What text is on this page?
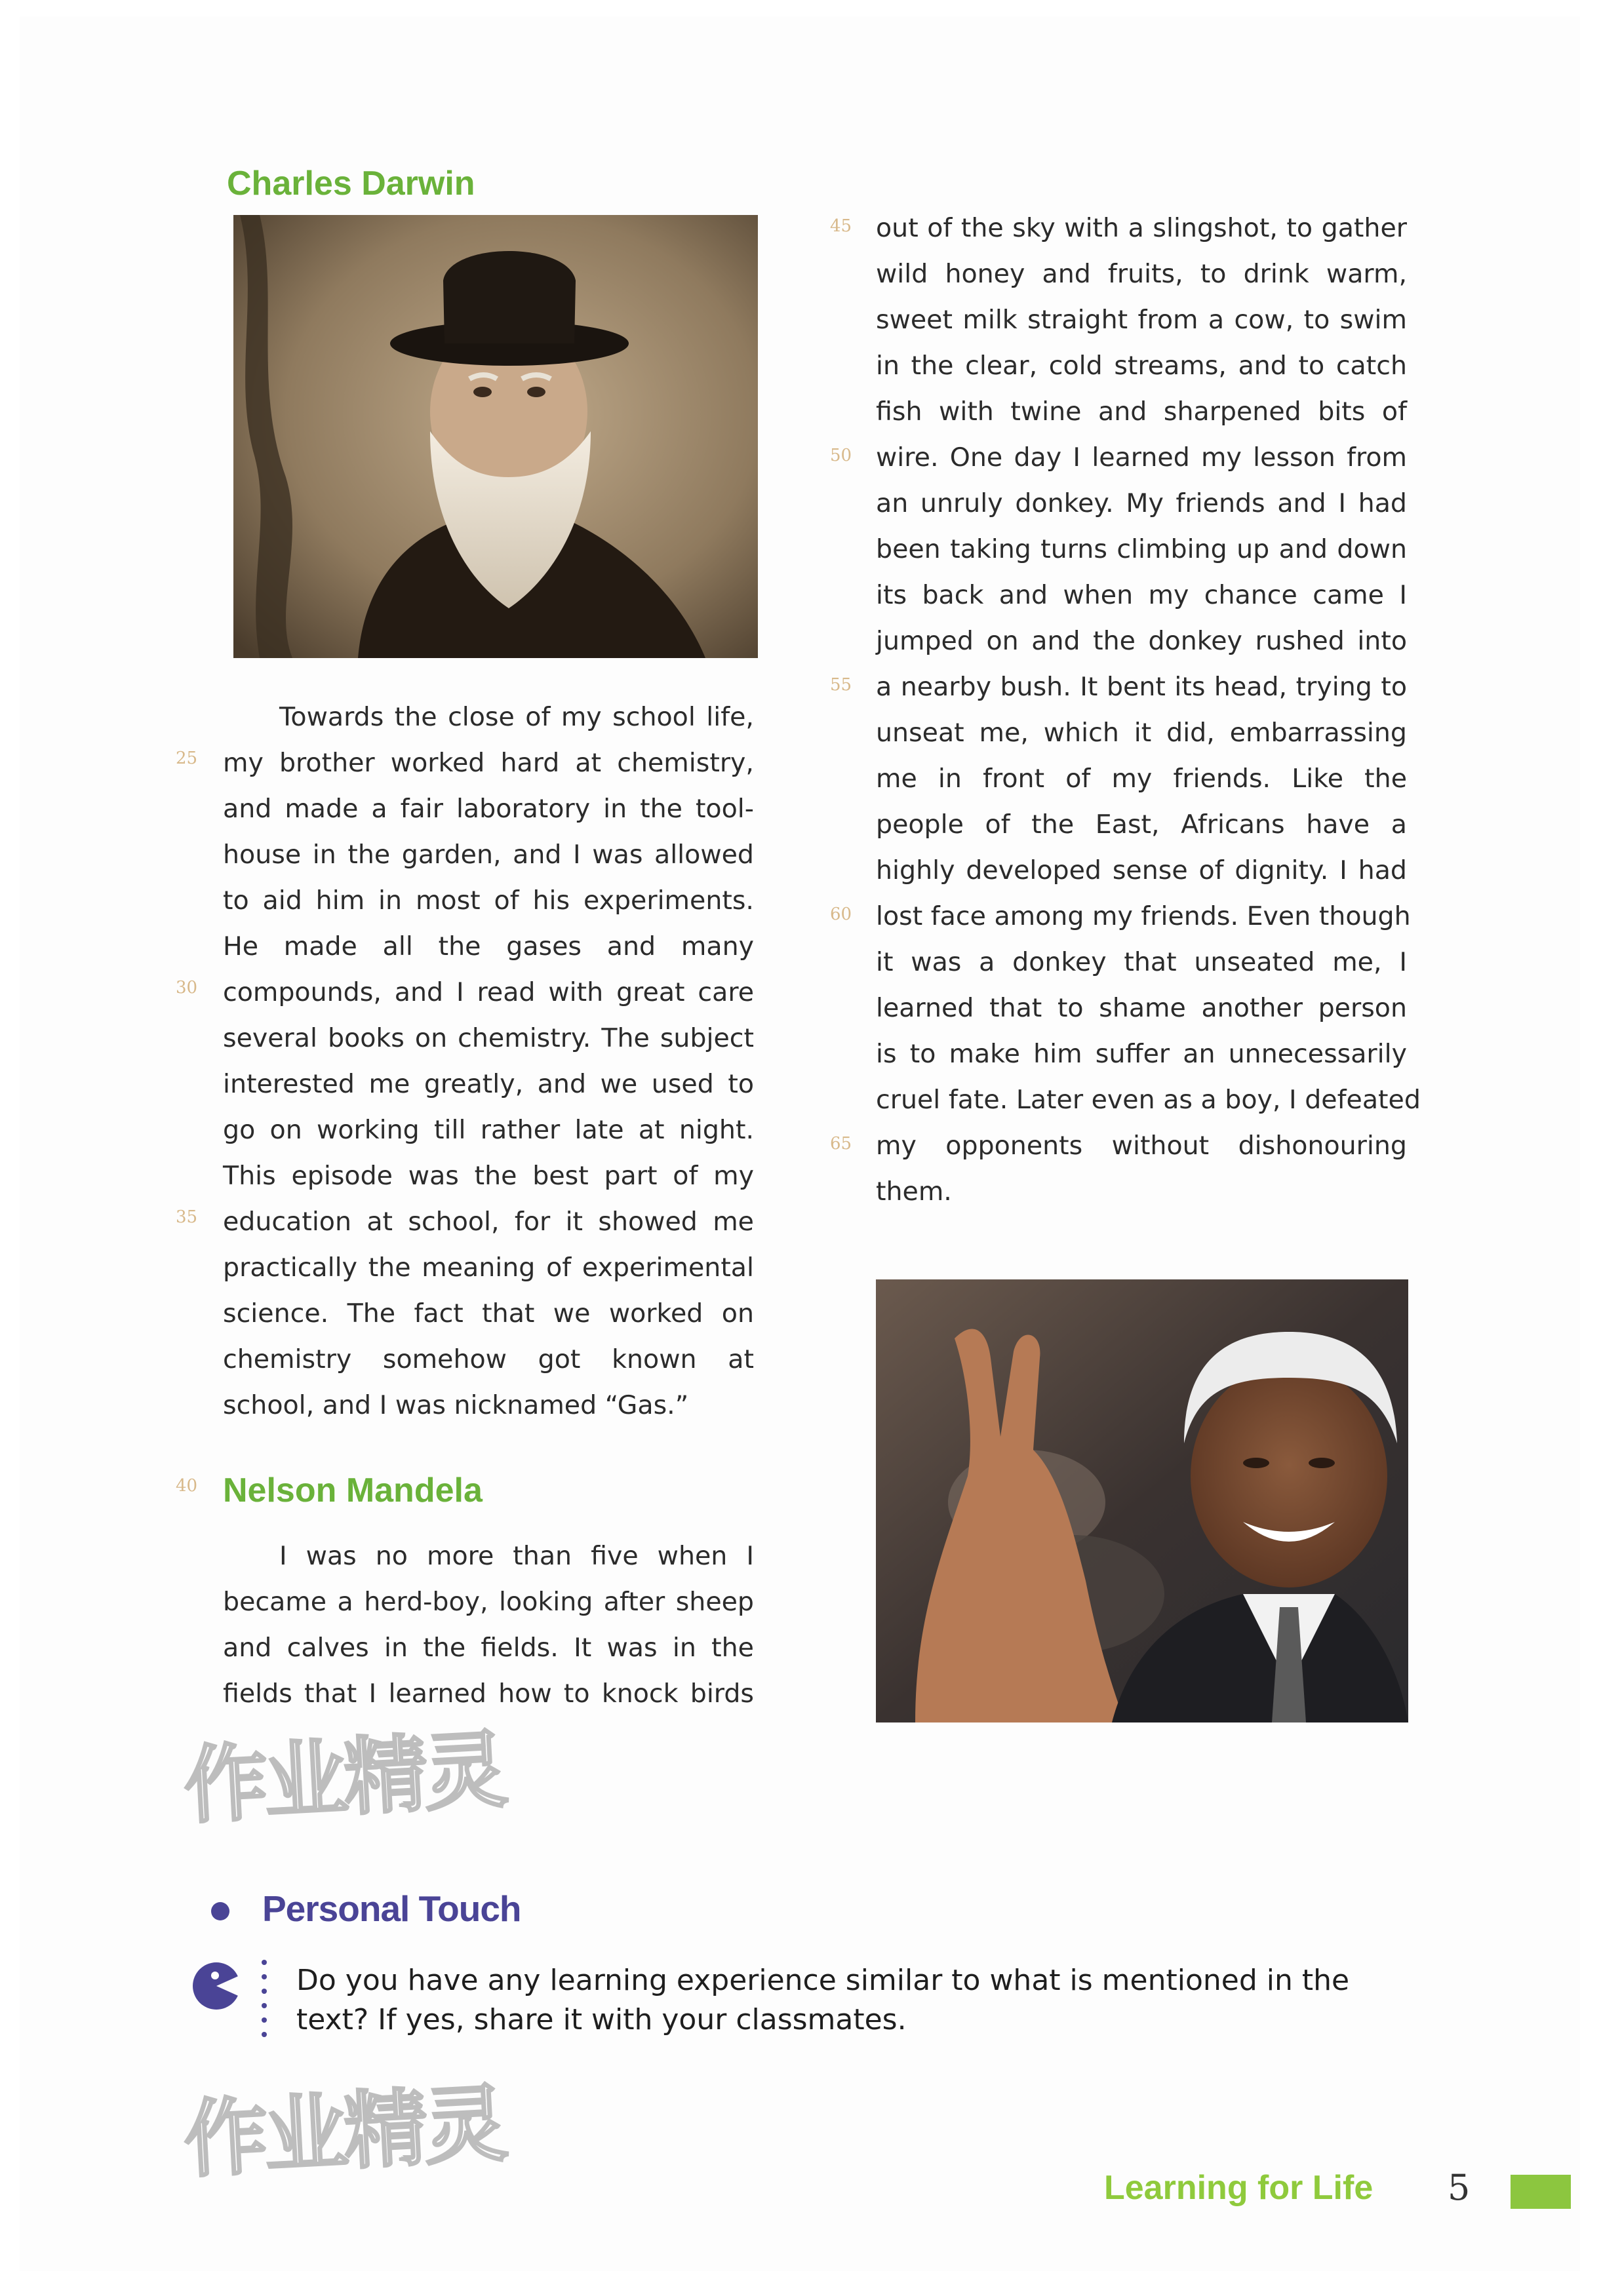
Charles Darwin
Towards the close of my school life,
my brother worked hard at chemistry,
and made a fair laboratory in the tool-
house in the garden, and I was allowed
to aid him in most of his experiments.
He made all the gases and many
compounds, and I read with great care
several books on chemistry. The subject
interested me greatly, and we used to
go on working till rather late at night.
This episode was the best part of my
education at school, for it showed me
practically the meaning of experimental
science. The fact that we worked on
chemistry somehow got known at
school, and I was nicknamed “Gas.”
Nelson Mandela
I was no more than five when I
became a herd-boy, looking after sheep
and calves in the fields. It was in the
fields that I learned how to knock birds
out of the sky with a slingshot, to gather
wild honey and fruits, to drink warm,
sweet milk straight from a cow, to swim
in the clear, cold streams, and to catch
fish with twine and sharpened bits of
wire. One day I learned my lesson from
an unruly donkey. My friends and I had
been taking turns climbing up and down
its back and when my chance came I
jumped on and the donkey rushed into
a nearby bush. It bent its head, trying to
unseat me, which it did, embarrassing
me in front of my friends. Like the
people of the East, Africans have a
highly developed sense of dignity. I had
lost face among my friends. Even though
it was a donkey that unseated me, I
learned that to shame another person
is to make him suffer an unnecessarily
cruel fate. Later even as a boy, I defeated
my opponents without dishonouring
them.
25
30
35
40
45
50
55
60
65
作业精灵
作业精灵
Personal Touch
Do you have any learning experience similar to what is mentioned in the
text? If yes, share it with your classmates.
Learning for Life 5
